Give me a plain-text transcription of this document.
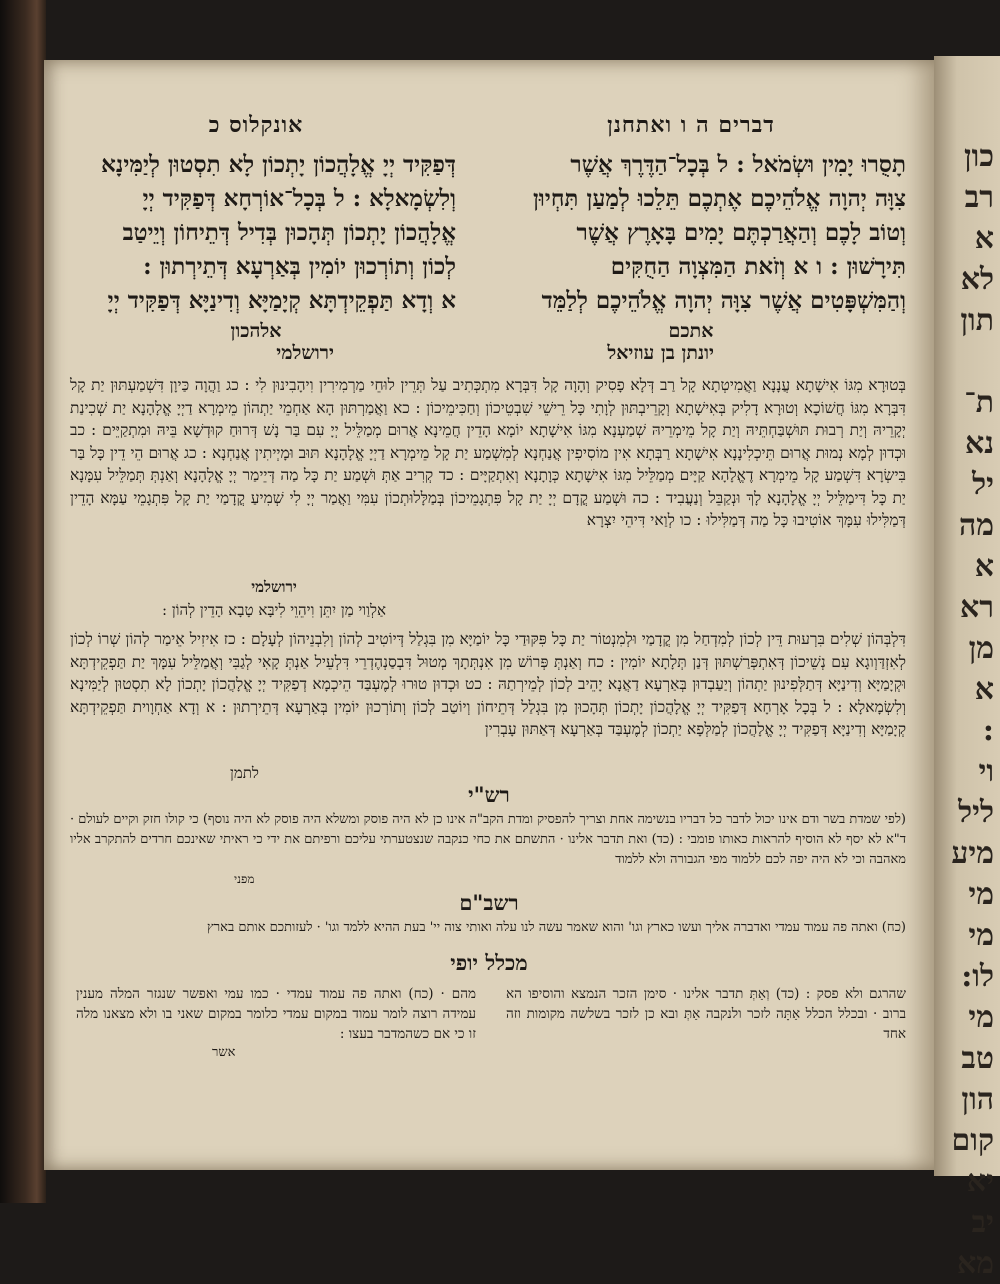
דברים ה ו ואתחנן
תָסֻרוּ יָמִין וּשְׂמֹאל : ל בְּכָל־הַדֶּרֶךְ אֲשֶׁר
צִוָּה יְהוָה אֱלֹהֵיכֶם אֶתְכֶם תֵּלֵכוּ לְמַעַן תִּחְיוּן
וְטוֹב לָכֶם וְהַאֲרַכְתֶּם יָמִים בָּאָרֶץ אֲשֶׁר
תִּירָשׁוּן : ו א וְזֹאת הַמִּצְוָה הַחֻקִּים
וְהַמִּשְׁפָּטִים אֲשֶׁר צִוָּה יְהוָה אֱלֹהֵיכֶם לְלַמֵּד
אתכם
אונקלוס כ
דְּפַקִּיד יְיָ אֱלָהֲכוֹן יָתְכוֹן לָא תִסְטוּן לְיַמִּינָא
וְלִשְׂמָאלָא : ל בְּכָל־אוֹרְחָא דְּפַקִּיד יְיָ
אֱלָהֲכוֹן יָתְכוֹן תְּהָכוּן בְּדִיל דְּתֵיחוֹן וְיֵיטַב
לְכוֹן וְתוֹרְכוּן יוֹמִין בְּאַרְעָא דְּתֵירְתוּן :
א וְדָא תַּפְקֵידְתָּא קְיָמַיָּא וְדִינַיָּא דְּפַקִּיד יְיָ
אלהכון
יונתן בן עוזיאל
ירושלמי
בְּטוּרָא מִגּוֹ אִישָׁתָא עֲנָנָא וַאֲמִיטְתָא קָל רַב דְּלָא פָסִיק וְהָוָה קָל דִּבְּרָא מִתְכְּתִיב עַל תְּרֵין לוּחֵי מַרְמִירִין וִיהָבִינוּן לִי : כג וַהֲוָה כַּיוָן דִּשְׁמַעְתּוּן יַת קָל דִּבְּרָא מִגּוֹ חֲשׁוֹכָא וְטוּרָא דָלִיק בְּאִישָׁתָא וְקָרֵיבְתּוּן לְוָתִי כָּל רֵישֵׁי שִׁבְטֵיכוֹן וְחַכִּימֵיכוֹן : כא וַאֲמַרְתּוּן הָא אַחְמֵי יַתְהוֹן מֵימְרָא דַיְיָ אֱלָהָנָא יַת שְׁכִינַת יְקָרֵיהּ וְיַת רְבוּת תּוּשְׁבַּחְתֵּיהּ וְיַת קָל מֵימְרֵיהּ שְׁמַעְנָא מִגּוֹ אִישָׁתָא יוֹמָא הָדֵין חֲמֵינָא אֲרוּם מְמַלֵּיל יְיָ עִם בַּר נָשׁ דְּרוּחַ קוּדְשָׁא בֵּיהּ וּמִתְקַיֵּים : כב וּכְדוּן לְמָא נְמוּת אֲרוּם תֵּיכְלִינָנָא אִישָׁתָא רַבְּתָא אִין מוֹסִיפִין אֲנַחְנָא לְמִשְׁמַע יַת קָל מֵימְרָא דַיְיָ אֱלָהָנָא תּוּב וּמָיְיתִין אֲנַחְנָא : כג אֲרוּם הֵי דֵין כָּל בַּר בִּישְׂרָא דִּשְׁמַע קָל מֵימְרָא דֶאֱלָהָא קַיָּים מְמַלֵּיל מִגּוֹ אִישָׁתָא כְּוָתָנָא וְאִתְקַיָּים : כד קְרִיב אַתְּ וּשְׁמַע יַת כָּל מַה דְּיֵימַר יְיָ אֱלָהָנָא וְאַנְתְּ תְּמַלֵּיל עִמָּנָא יַת כָּל דִּימַלֵּיל יְיָ אֱלָהָנָא לָךְ וּנְקַבֵּל וְנַעֲבִיד : כה וּשְׁמַע קֳדָם יְיָ יַת קָל פִּתְגָמֵיכוֹן בְּמַלָּלוּתְכוֹן עִמִּי וַאֲמַר יְיָ לִי שְׁמִיעַ קֳדָמַי יַת קָל פִּתְגָמֵי עַמָּא הָדֵין דְּמַלִּילוּ עִמָּךְ אוֹטִיבוּ כָּל מַה דְּמַלִּילוּ : כו לְוַאי דִּיהֵי יִצְרָא
ירושלמי
אַלְוַוי מַן יִתֵּן וִיהֵוֵי לִיבָּא טָבָא הָדֵין לְהוֹן :
דִּלְבְּהוֹן שְׁלִים בִּרְעוּת דֵּין לְכוֹן לְמִדְחַל מִן קֳדָמַי וּלְמִנְטוֹר יַת כָּל פִּקּוּדַי כָּל יוֹמַיָּא מִן בִּגְלַל דְּיוֹטִיב לְהוֹן וְלִבְנֵיהוֹן לְעָלָם : כז אִיזִיל אֵימַר לְהוֹן שְׁרוֹ לְכוֹן לְאִזְדַּוְוגָא עִם נְשֵׁיכוֹן דְּאִתְפְּרַשְׁתּוּן דְּנַן תְּלָתָא יוֹמִין : כח וְאַנְתְּ פְּרוֹשׁ מִן אִנְתְּתָךְ מְטוּל דִּבְסַנְהֶדְרֵי דִּלְעֵיל אַנְתְּ קָאִי לְגַבִּי וְאֲמַלֵּיל עִמָּךְ יַת תַּפְקֵידְתָּא וּקְיָמַיָּא וְדִינַיָּא דְּתַלְּפִינוּן יַתְהוֹן וְיַעַבְדוּן בְּאַרְעָא דַאֲנָא יָהֵיב לְכוֹן לְמֵירְתַהּ : כט וּכְדוּן טוּרוּ לְמֶעְבַּד הֵיכְמָא דְפַקִּיד יְיָ אֱלָהֲכוֹן יָתְכוֹן לָא תִסְטוּן לְיַמִּינָא וְלִשְׂמָאלָא : ל בְּכָל אָרְחָא דְּפַקִּיד יְיָ אֱלָהֲכוֹן יָתְכוֹן תְּהָכוּן מִן בִּגְלַל דְּתֵיחוֹן וְיוֹטַב לְכוֹן וְתוֹרְכוּן יוֹמִין בְּאַרְעָא דְּתֵירְתוּן : א וְדָא אַחְוָוית תַּפְקֵידְתָּא קְיָמַיָּא וְדִינַיָּא דְּפַקִּיד יְיָ אֱלָהֲכוֹן לְמַלְּפָא יַתְכוֹן לְמֶעְבַּד בְּאַרְעָא דְּאַתּוּן עָבְרִין
לתמן
רש"י
(לפי שמדת בשר ודם אינו יכול לדבר כל דבריו בנשימה אחת וצריך להפסיק ומדת הקב"ה אינו כן לא היה פוסק ומשלא היה פוסק לא היה נוסף) כי קולו חזק וקיים לעולם · ד"א לא יסף לא הוסיף להראות כאותו פומבי : (כד) ואת תדבר אלינו · התשתם את כחי כנקבה שנצטערתי עליכם ורפיתם את ידי כי ראיתי שאינכם חרדים להתקרב אליו מאהבה וכי לא היה יפה לכם ללמוד מפי הגבורה ולא ללמוד
מפני
רשב"ם
(כח) ואתה פה עמוד עמדי ואדברה אליך ועשו כארץ וגו' והוא שאמר עשה לנו עלה ואותי צוה יי' בעת ההיא ללמד וגו' · לעזותכם אותם בארץ
מכלל יופי
שהרגם ולא פסק : (כד) וְאַתְּ תדבר אלינו · סימן הזכר הנמצא והוסיפו הא ברוב · ובכלל הכלל אַתָּה לזכר ולנקבה אַתְּ ובא כן לזכר בשלשה מקומות וזה אחד
מהם · (כח) ואתה פה עמוד עמדי · כמו עמי ואפשר שנגזר המלה מענין עמידה רוצה לומר עמוד במקום עמדי כלומר במקום שאני בו ולא מצאנו מלה זו כי אם כשהמדבר בעצו :
אשר
כון
רב
א
לא
תון

ת־
נא
יל
מה
א
רא
מן
א
:
וי
ליל
מיע
מי
מי
לו:
מי
טב
הון
קום
יא
יב
מא
